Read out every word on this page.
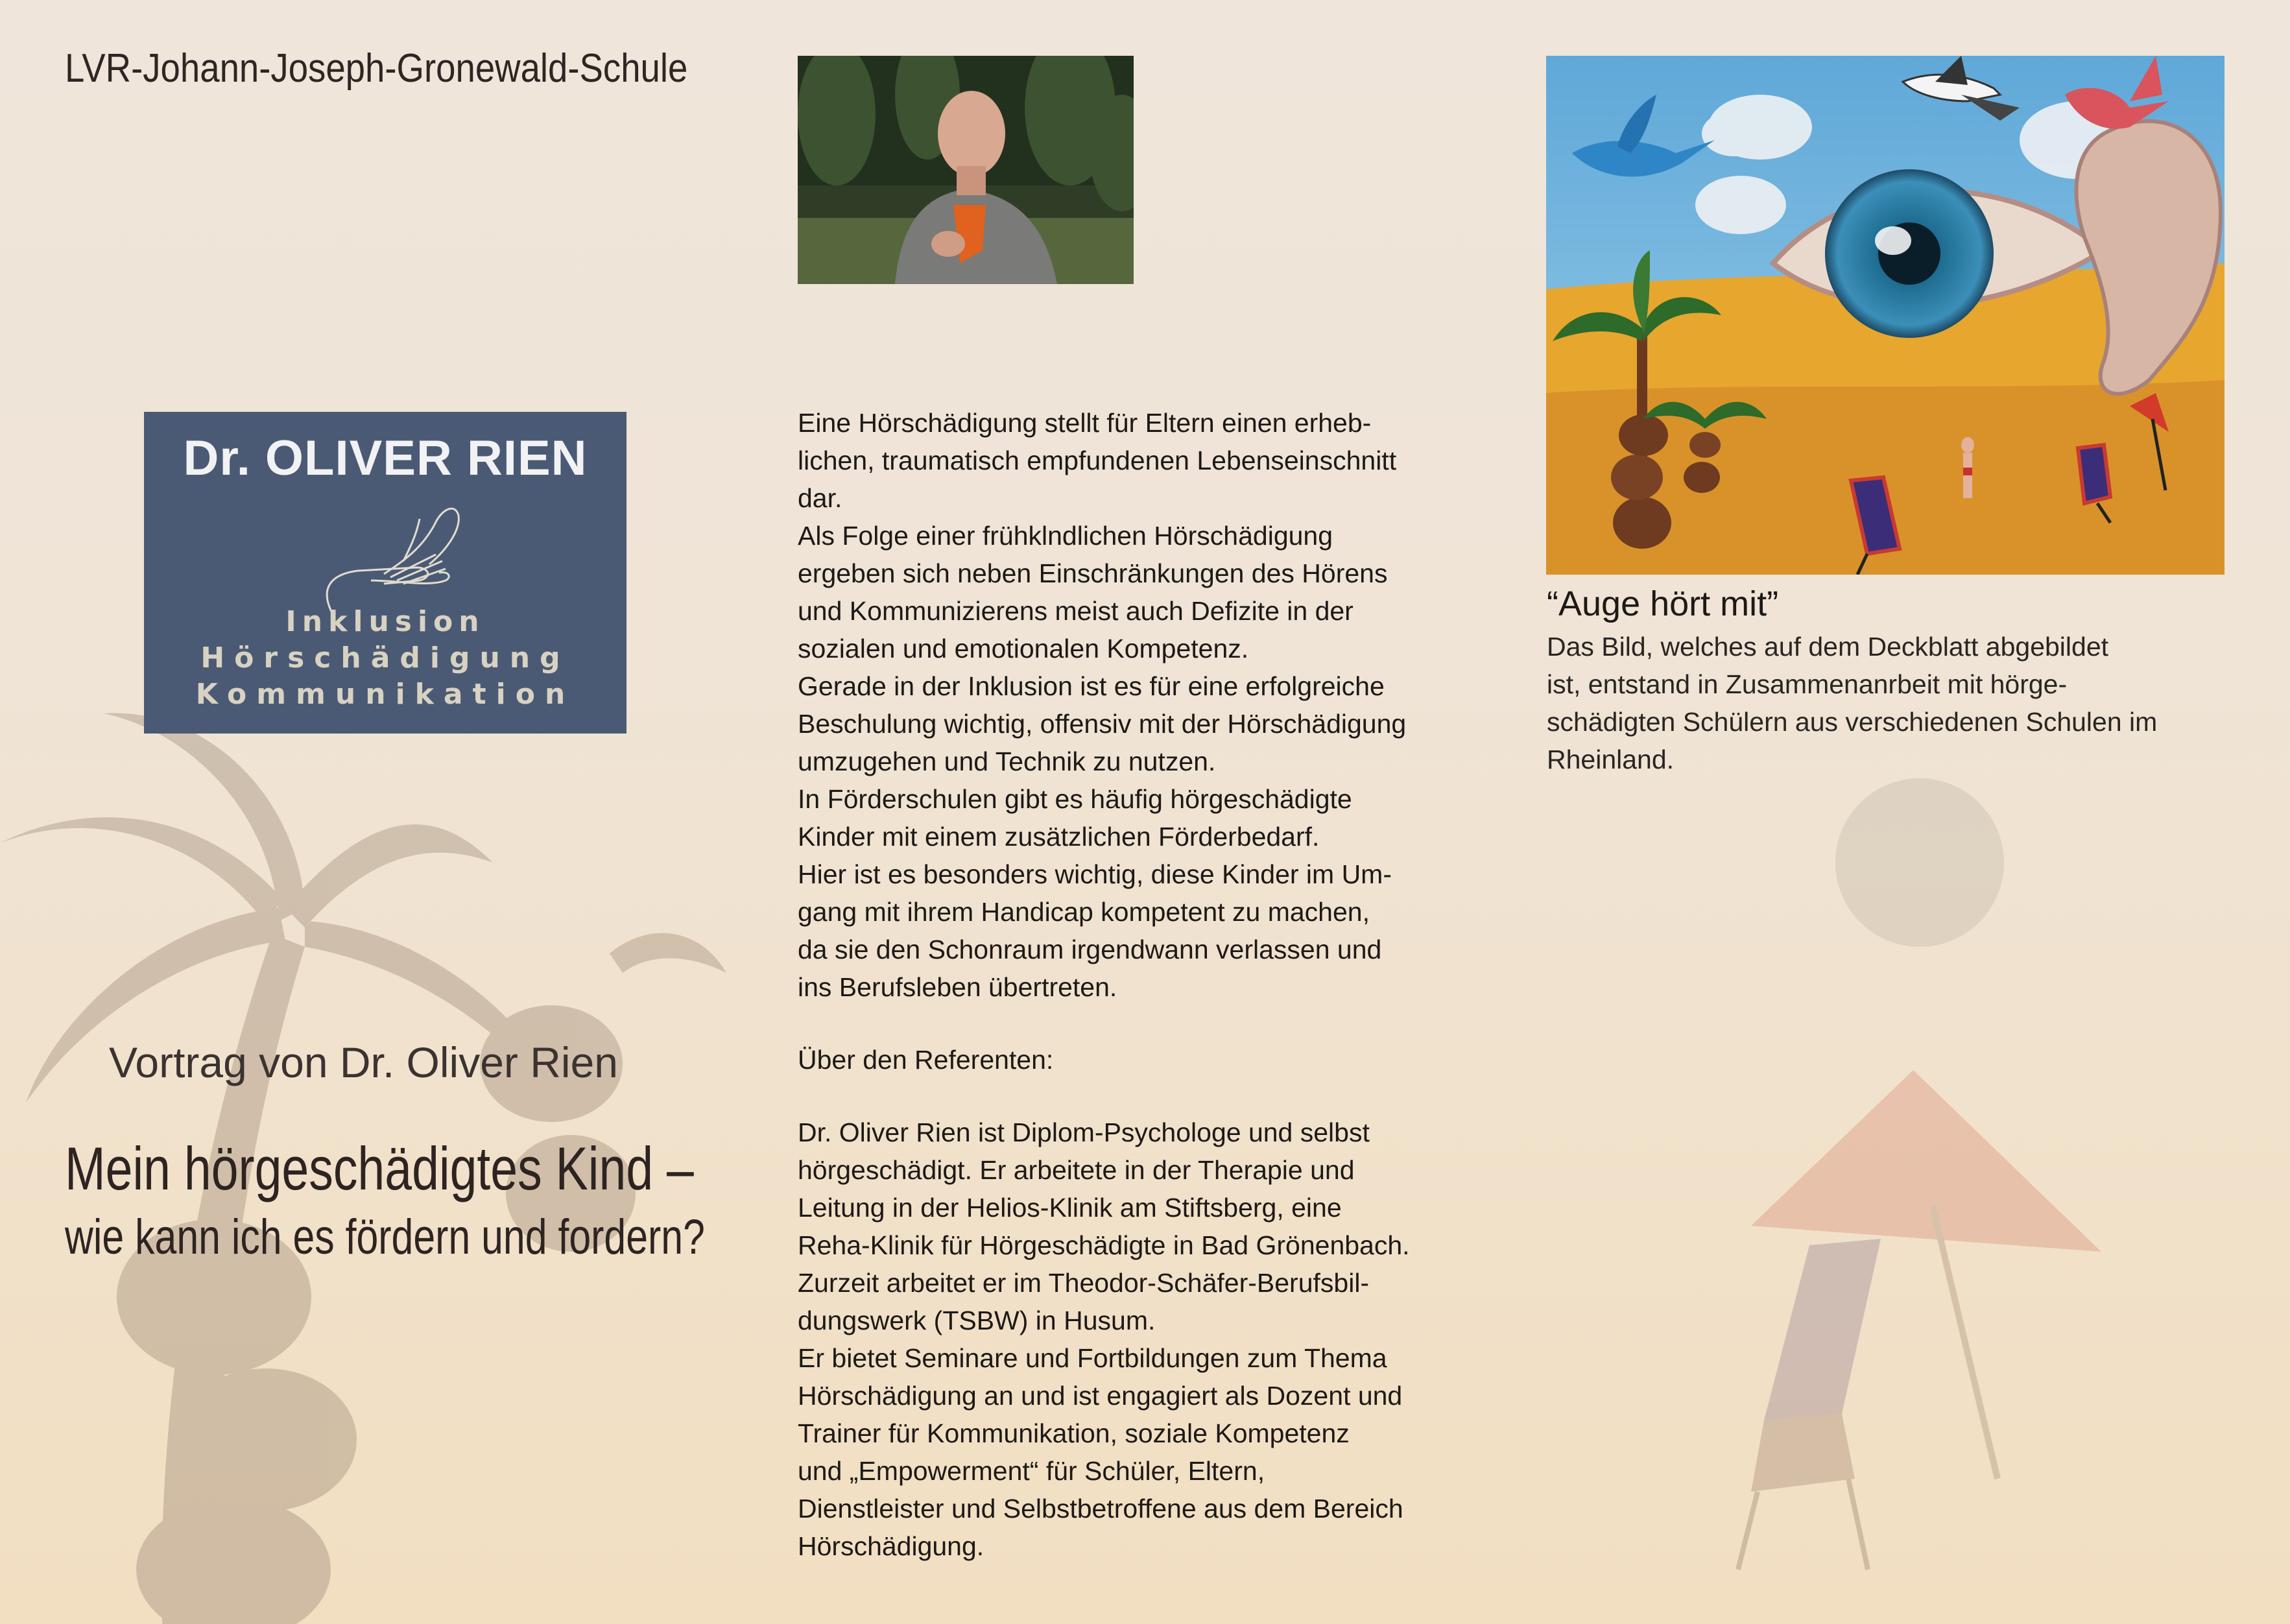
LVR-Johann-Joseph-Gronewald-Schule
Dr. OLIVER RIEN
Inklusion
Hörschädigung
Kommunikation
Vortrag von Dr. Oliver Rien
Mein hörgeschädigtes Kind –
wie kann ich es fördern und fordern?

Eine Hörschädigung stellt für Eltern einen erheb-

lichen, traumatisch empfundenen Lebenseinschnitt

dar.

Als Folge einer frühklndlichen Hörschädigung

ergeben sich neben Einschränkungen des Hörens

und Kommunizierens meist auch Defizite in der

sozialen und emotionalen Kompetenz.

Gerade in der Inklusion ist es für eine erfolgreiche

Beschulung wichtig, offensiv mit der Hörschädigung

umzugehen und Technik zu nutzen.

In Förderschulen gibt es häufig hörgeschädigte

Kinder mit einem zusätzlichen Förderbedarf.

Hier ist es besonders wichtig, diese Kinder im Um-

gang mit ihrem Handicap kompetent zu machen,

da sie den Schonraum irgendwann verlassen und

ins Berufsleben übertreten.

Über den Referenten:

Dr. Oliver Rien ist Diplom-Psychologe und selbst

hörgeschädigt. Er arbeitete in der Therapie und

Leitung in der Helios-Klinik am Stiftsberg, eine

Reha-Klinik für Hörgeschädigte in Bad Grönenbach.

Zurzeit arbeitet er im Theodor-Schäfer-Berufsbil-

dungswerk (TSBW) in Husum.

Er bietet Seminare und Fortbildungen zum Thema

Hörschädigung an und ist engagiert als Dozent und

Trainer für Kommunikation, soziale Kompetenz

und „Empowerment“ für Schüler, Eltern,

Dienstleister und Selbstbetroffene aus dem Bereich

Hörschädigung.

“Auge hört mit”

Das Bild, welches auf dem Deckblatt abgebildet

ist, entstand in Zusammenanrbeit mit hörge-

schädigten Schülern aus verschiedenen Schulen im

Rheinland.
